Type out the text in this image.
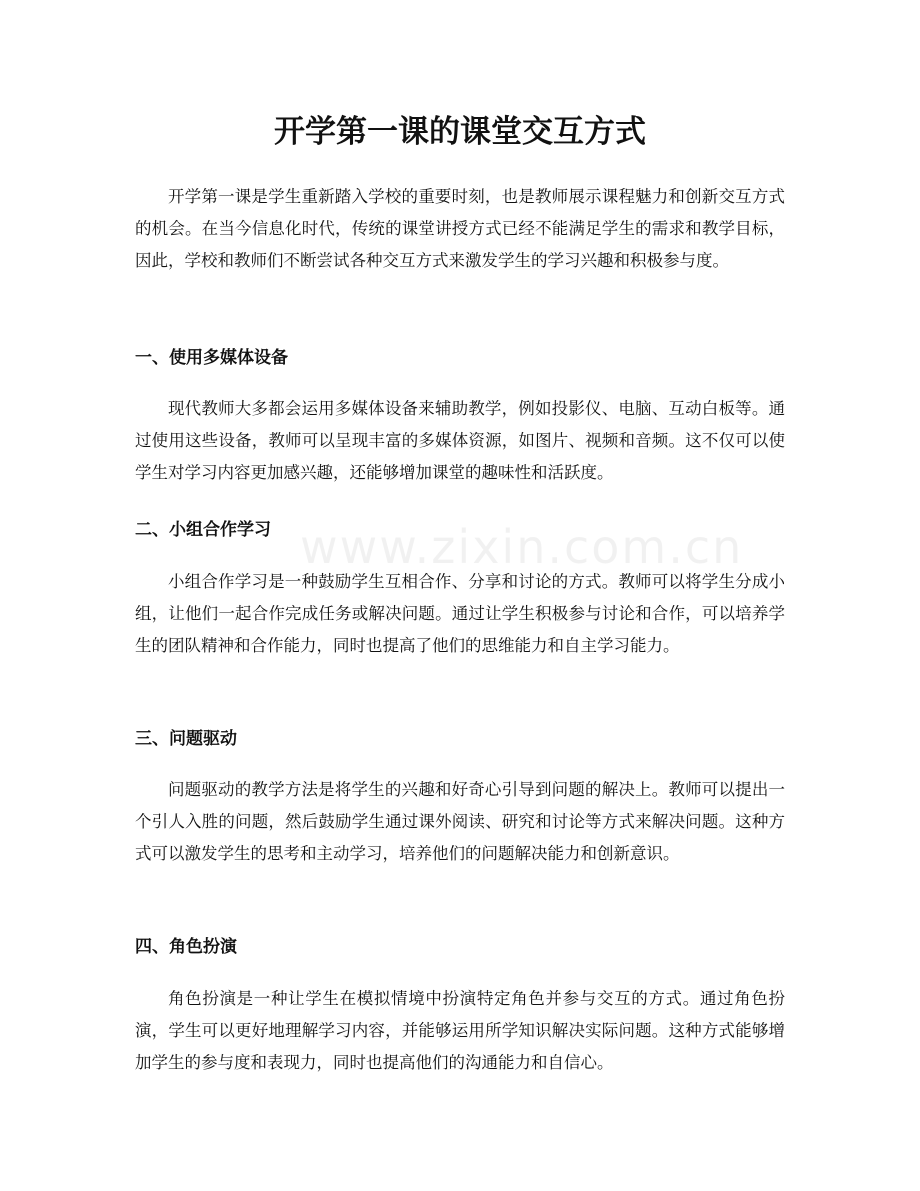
www.zixin.com.cn
开学第一课的课堂交互方式

开学第一课是学生重新踏入学校的重要时刻，也是教师展示课程魅力和创新交互方式的机会。在当今信息化时代，传统的课堂讲授方式已经不能满足学生的需求和教学目标，因此，学校和教师们不断尝试各种交互方式来激发学生的学习兴趣和积极参与度。

一、使用多媒体设备

现代教师大多都会运用多媒体设备来辅助教学，例如投影仪、电脑、互动白板等。通过使用这些设备，教师可以呈现丰富的多媒体资源，如图片、视频和音频。这不仅可以使学生对学习内容更加感兴趣，还能够增加课堂的趣味性和活跃度。

二、小组合作学习

小组合作学习是一种鼓励学生互相合作、分享和讨论的方式。教师可以将学生分成小组，让他们一起合作完成任务或解决问题。通过让学生积极参与讨论和合作，可以培养学生的团队精神和合作能力，同时也提高了他们的思维能力和自主学习能力。

三、问题驱动

问题驱动的教学方法是将学生的兴趣和好奇心引导到问题的解决上。教师可以提出一个引人入胜的问题，然后鼓励学生通过课外阅读、研究和讨论等方式来解决问题。这种方式可以激发学生的思考和主动学习，培养他们的问题解决能力和创新意识。

四、角色扮演

角色扮演是一种让学生在模拟情境中扮演特定角色并参与交互的方式。通过角色扮演，学生可以更好地理解学习内容，并能够运用所学知识解决实际问题。这种方式能够增加学生的参与度和表现力，同时也提高他们的沟通能力和自信心。
